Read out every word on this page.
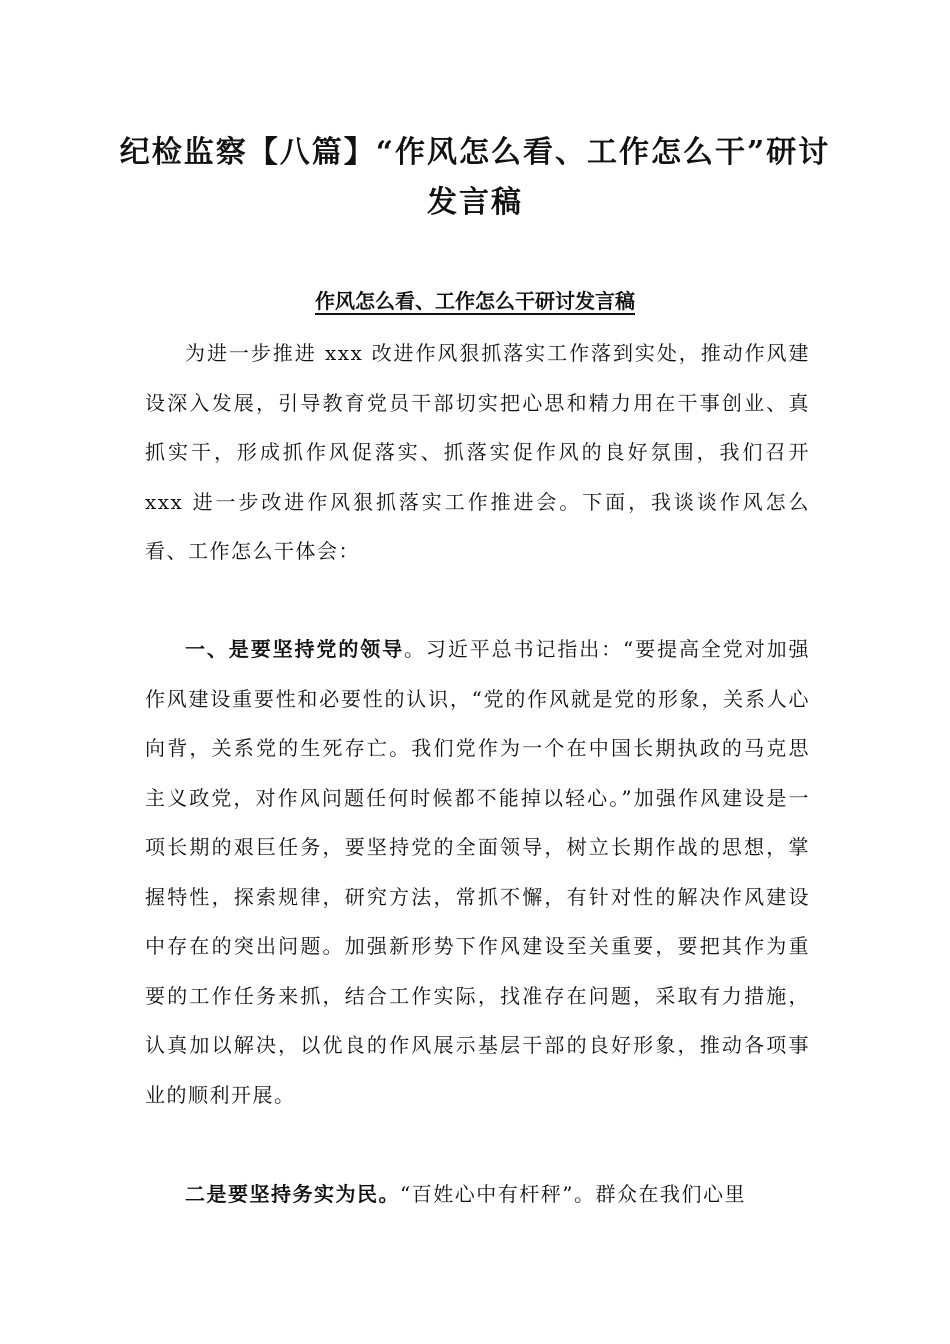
纪检监察【八篇】“作风怎么看、工作怎么干”研讨
发言稿
作风怎么看、工作怎么干研讨发言稿

为进一步推进 xxx 改进作风狠抓落实工作落到实处，推动作风建设深入发展，引导教育党员干部切实把心思和精力用在干事创业、真抓实干，形成抓作风促落实、抓落实促作风的良好氛围，我们召开 xxx 进一步改进作风狠抓落实工作推进会。下面，我谈谈作风怎么看、工作怎么干体会：

一、是要坚持党的领导。习近平总书记指出：“要提高全党对加强作风建设重要性和必要性的认识，“党的作风就是党的形象，关系人心向背，关系党的生死存亡。我们党作为一个在中国长期执政的马克思主义政党，对作风问题任何时候都不能掉以轻心。”加强作风建设是一项长期的艰巨任务，要坚持党的全面领导，树立长期作战的思想，掌握特性，探索规律，研究方法，常抓不懈，有针对性的解决作风建设中存在的突出问题。加强新形势下作风建设至关重要，要把其作为重要的工作任务来抓，结合工作实际，找准存在问题，采取有力措施，认真加以解决，以优良的作风展示基层干部的良好形象，推动各项事业的顺利开展。

二是要坚持务实为民。“百姓心中有杆秤”。群众在我们心里
